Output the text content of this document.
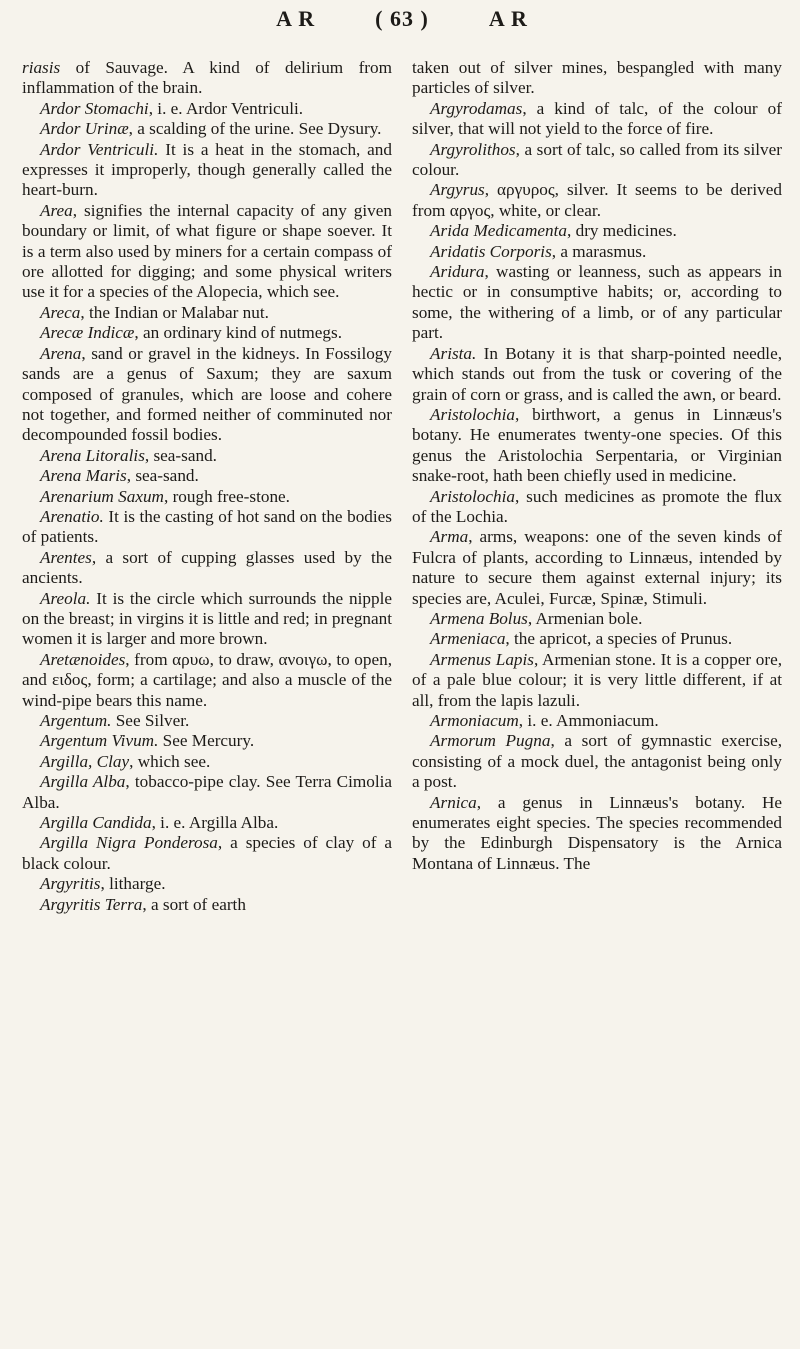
A R	( 63 )	A R

riasis of Sauvage. A kind of delirium from inflammation of the brain.

Ardor Stomachi, i. e. Ardor Ventriculi.

Ardor Urinæ, a scalding of the urine. See Dysury.

Ardor Ventriculi. It is a heat in the stomach, and expresses it improperly, though generally called the heart-burn.

Area, signifies the internal capacity of any given boundary or limit, of what figure or shape soever. It is a term also used by miners for a certain compass of ore allotted for digging; and some physical writers use it for a species of the Alopecia, which see.

Areca, the Indian or Malabar nut.

Arecæ Indicæ, an ordinary kind of nutmegs.

Arena, sand or gravel in the kidneys. In Fossilogy sands are a genus of Saxum; they are saxum composed of granules, which are loose and cohere not together, and formed neither of comminuted nor decompounded fossil bodies.

Arena Litoralis, sea-sand.

Arena Maris, sea-sand.

Arenarium Saxum, rough free-stone.

Arenatio. It is the casting of hot sand on the bodies of patients.

Arentes, a sort of cupping glasses used by the ancients.

Areola. It is the circle which surrounds the nipple on the breast; in virgins it is little and red; in pregnant women it is larger and more brown.

Aretænoides, from αρυω, to draw, ανοιγω, to open, and ειδος, form; a cartilage; and also a muscle of the wind-pipe bears this name.

Argentum. See Silver.

Argentum Vivum. See Mercury.

Argilla, Clay, which see.

Argilla Alba, tobacco-pipe clay. See Terra Cimolia Alba.

Argilla Candida, i. e. Argilla Alba.

Argilla Nigra Ponderosa, a species of clay of a black colour.

Argyritis, litharge.

Argyritis Terra, a sort of earth

taken out of silver mines, bespangled with many particles of silver.

Argyrodamas, a kind of talc, of the colour of silver, that will not yield to the force of fire.

Argyrolithos, a sort of talc, so called from its silver colour.

Argyrus, αργυρος, silver. It seems to be derived from αργος, white, or clear.

Arida Medicamenta, dry medicines.

Aridatis Corporis, a marasmus.

Aridura, wasting or leanness, such as appears in hectic or in consumptive habits; or, according to some, the withering of a limb, or of any particular part.

Arista. In Botany it is that sharp-pointed needle, which stands out from the tusk or covering of the grain of corn or grass, and is called the awn, or beard.

Aristolochia, birthwort, a genus in Linnæus's botany. He enumerates twenty-one species. Of this genus the Aristolochia Serpentaria, or Virginian snake-root, hath been chiefly used in medicine.

Aristolochia, such medicines as promote the flux of the Lochia.

Arma, arms, weapons: one of the seven kinds of Fulcra of plants, according to Linnæus, intended by nature to secure them against external injury; its species are, Aculei, Furcæ, Spinæ, Stimuli.

Armena Bolus, Armenian bole.

Armeniaca, the apricot, a species of Prunus.

Armenus Lapis, Armenian stone. It is a copper ore, of a pale blue colour; it is very little different, if at all, from the lapis lazuli.

Armoniacum, i. e. Ammoniacum.

Armorum Pugna, a sort of gymnastic exercise, consisting of a mock duel, the antagonist being only a post.

Arnica, a genus in Linnæus's botany. He enumerates eight species. The species recommended by the Edinburgh Dispensatory is the Arnica Montana of Linnæus. The
